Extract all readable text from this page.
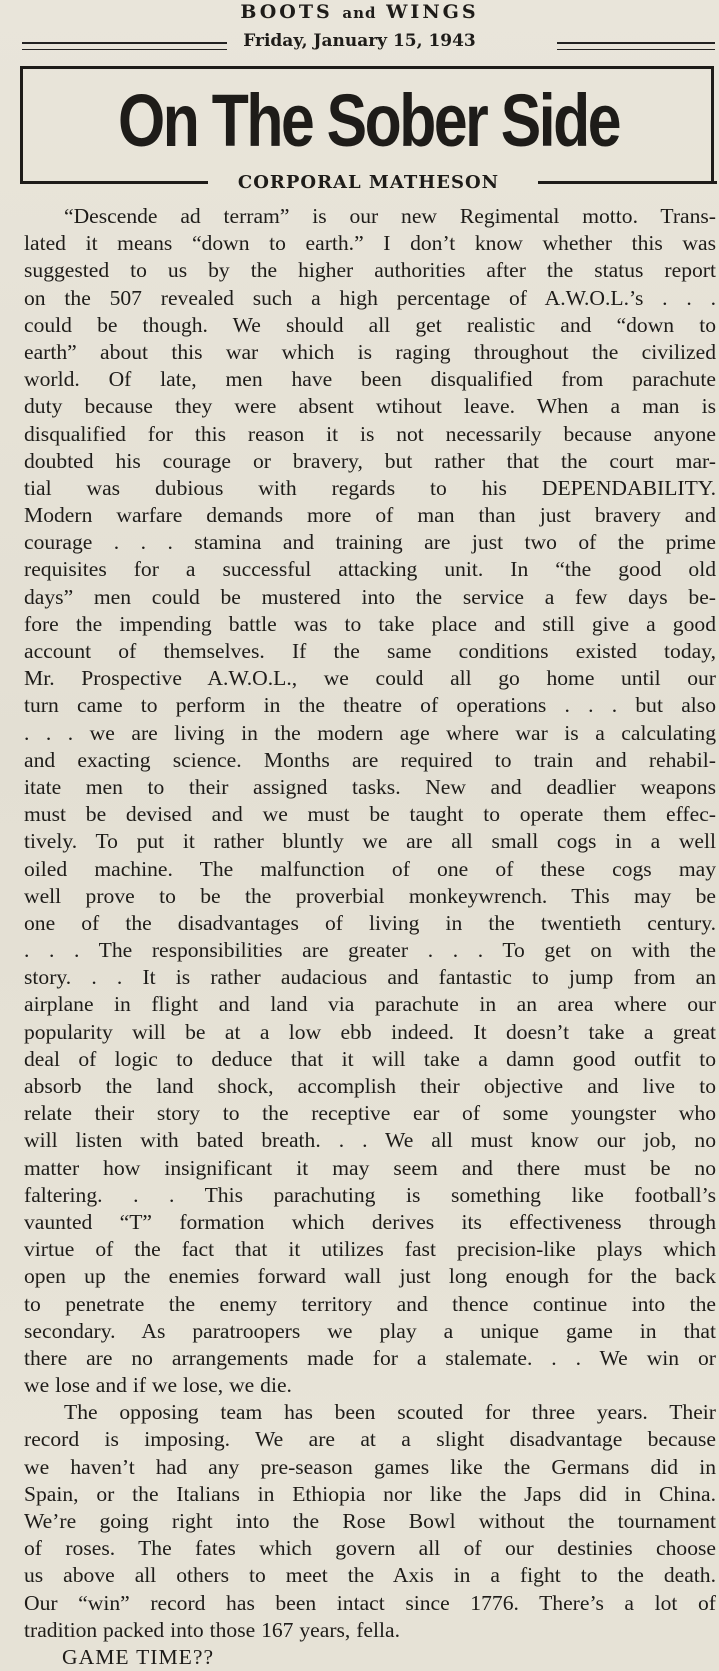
BOOTS and WINGS
Friday, January 15, 1943
On The Sober Side
CORPORAL MATHESON
“Descende ad terram” is our new Regimental motto. Trans-
lated it means “down to earth.” I don’t know whether this was
suggested to us by the higher authorities after the status report
on the 507 revealed such a high percentage of A.W.O.L.’s . . .
could be though. We should all get realistic and “down to
earth” about this war which is raging throughout the civilized
world. Of late, men have been disqualified from parachute
duty because they were absent wtihout leave. When a man is
disqualified for this reason it is not necessarily because anyone
doubted his courage or bravery, but rather that the court mar-
tial was dubious with regards to his DEPENDABILITY.
Modern warfare demands more of man than just bravery and
courage . . . stamina and training are just two of the prime
requisites for a successful attacking unit. In “the good old
days” men could be mustered into the service a few days be-
fore the impending battle was to take place and still give a good
account of themselves. If the same conditions existed today,
Mr. Prospective A.W.O.L., we could all go home until our
turn came to perform in the theatre of operations . . . but also
. . . we are living in the modern age where war is a calculating
and exacting science. Months are required to train and rehabil-
itate men to their assigned tasks. New and deadlier weapons
must be devised and we must be taught to operate them effec-
tively. To put it rather bluntly we are all small cogs in a well
oiled machine. The malfunction of one of these cogs may
well prove to be the proverbial monkeywrench. This may be
one of the disadvantages of living in the twentieth century.
. . . The responsibilities are greater . . . To get on with the
story. . . It is rather audacious and fantastic to jump from an
airplane in flight and land via parachute in an area where our
popularity will be at a low ebb indeed. It doesn’t take a great
deal of logic to deduce that it will take a damn good outfit to
absorb the land shock, accomplish their objective and live to
relate their story to the receptive ear of some youngster who
will listen with bated breath. . . We all must know our job, no
matter how insignificant it may seem and there must be no
faltering. . . This parachuting is something like football’s
vaunted “T” formation which derives its effectiveness through
virtue of the fact that it utilizes fast precision-like plays which
open up the enemies forward wall just long enough for the back
to penetrate the enemy territory and thence continue into the
secondary. As paratroopers we play a unique game in that
there are no arrangements made for a stalemate. . . We win or
we lose and if we lose, we die.
The opposing team has been scouted for three years. Their
record is imposing. We are at a slight disadvantage because
we haven’t had any pre-season games like the Germans did in
Spain, or the Italians in Ethiopia nor like the Japs did in China.
We’re going right into the Rose Bowl without the tournament
of roses. The fates which govern all of our destinies choose
us above all others to meet the Axis in a fight to the death.
Our “win” record has been intact since 1776. There’s a lot of
tradition packed into those 167 years, fella.
GAME TIME??
